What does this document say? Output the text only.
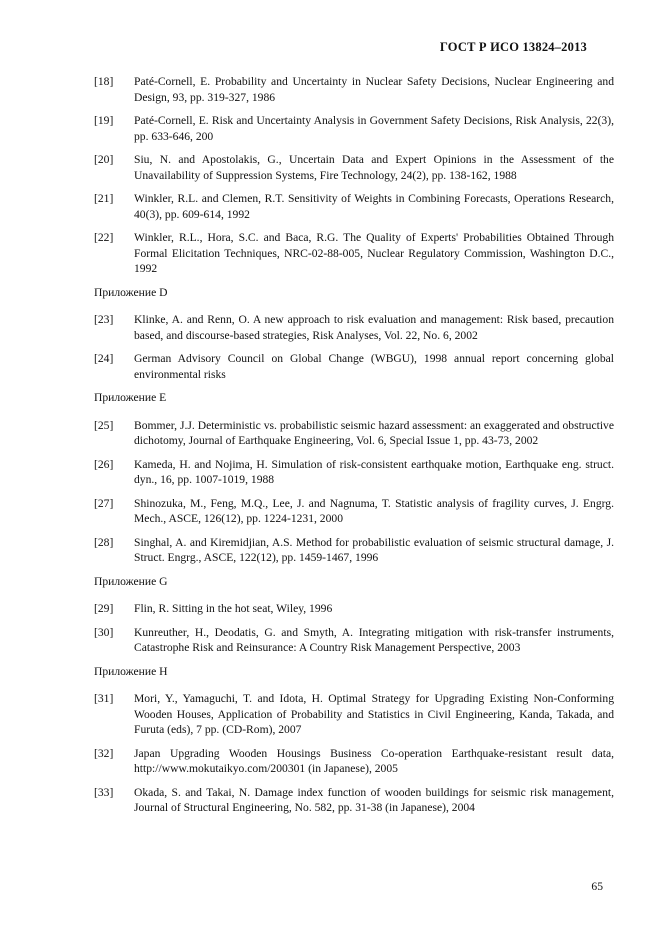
ГОСТ Р ИСО 13824–2013
[18]	Paté-Cornell, E. Probability and Uncertainty in Nuclear Safety Decisions, Nuclear Engineering and Design, 93, pp. 319-327, 1986
[19]	Paté-Cornell, E. Risk and Uncertainty Analysis in Government Safety Decisions, Risk Analysis, 22(3), pp. 633-646, 200
[20]	Siu, N. and Apostolakis, G., Uncertain Data and Expert Opinions in the Assessment of the Unavailability of Suppression Systems, Fire Technology, 24(2), pp. 138-162, 1988
[21]	Winkler, R.L. and Clemen, R.T. Sensitivity of Weights in Combining Forecasts, Operations Research, 40(3), pp. 609-614, 1992
[22]	Winkler, R.L., Hora, S.C. and Baca, R.G. The Quality of Experts' Probabilities Obtained Through Formal Elicitation Techniques, NRC-02-88-005, Nuclear Regulatory Commission, Washington D.C., 1992
Приложение D
[23]	Klinke, A. and Renn, O. A new approach to risk evaluation and management: Risk based, precaution based, and discourse-based strategies, Risk Analyses, Vol. 22, No. 6, 2002
[24]	German Advisory Council on Global Change (WBGU), 1998 annual report concerning global environmental risks
Приложение E
[25]	Bommer, J.J. Deterministic vs. probabilistic seismic hazard assessment: an exaggerated and obstructive dichotomy, Journal of Earthquake Engineering, Vol. 6, Special Issue 1, pp. 43-73, 2002
[26]	Kameda, H. and Nojima, H. Simulation of risk-consistent earthquake motion, Earthquake eng. struct. dyn., 16, pp. 1007-1019, 1988
[27]	Shinozuka, M., Feng, M.Q., Lee, J. and Nagnuma, T. Statistic analysis of fragility curves, J. Engrg. Mech., ASCE, 126(12), pp. 1224-1231, 2000
[28]	Singhal, A. and Kiremidjian, A.S. Method for probabilistic evaluation of seismic structural damage, J. Struct. Engrg., ASCE, 122(12), pp. 1459-1467, 1996
Приложение G
[29]	Flin, R. Sitting in the hot seat, Wiley, 1996
[30]	Kunreuther, H., Deodatis, G. and Smyth, A. Integrating mitigation with risk-transfer instruments, Catastrophe Risk and Reinsurance: A Country Risk Management Perspective, 2003
Приложение H
[31]	Mori, Y., Yamaguchi, T. and Idota, H. Optimal Strategy for Upgrading Existing Non-Conforming Wooden Houses, Application of Probability and Statistics in Civil Engineering, Kanda, Takada, and Furuta (eds), 7 pp. (CD-Rom), 2007
[32]	Japan Upgrading Wooden Housings Business Co-operation Earthquake-resistant result data, http://www.mokutaikyo.com/200301 (in Japanese), 2005
[33]	Okada, S. and Takai, N. Damage index function of wooden buildings for seismic risk management, Journal of Structural Engineering, No. 582, pp. 31-38 (in Japanese), 2004
65
